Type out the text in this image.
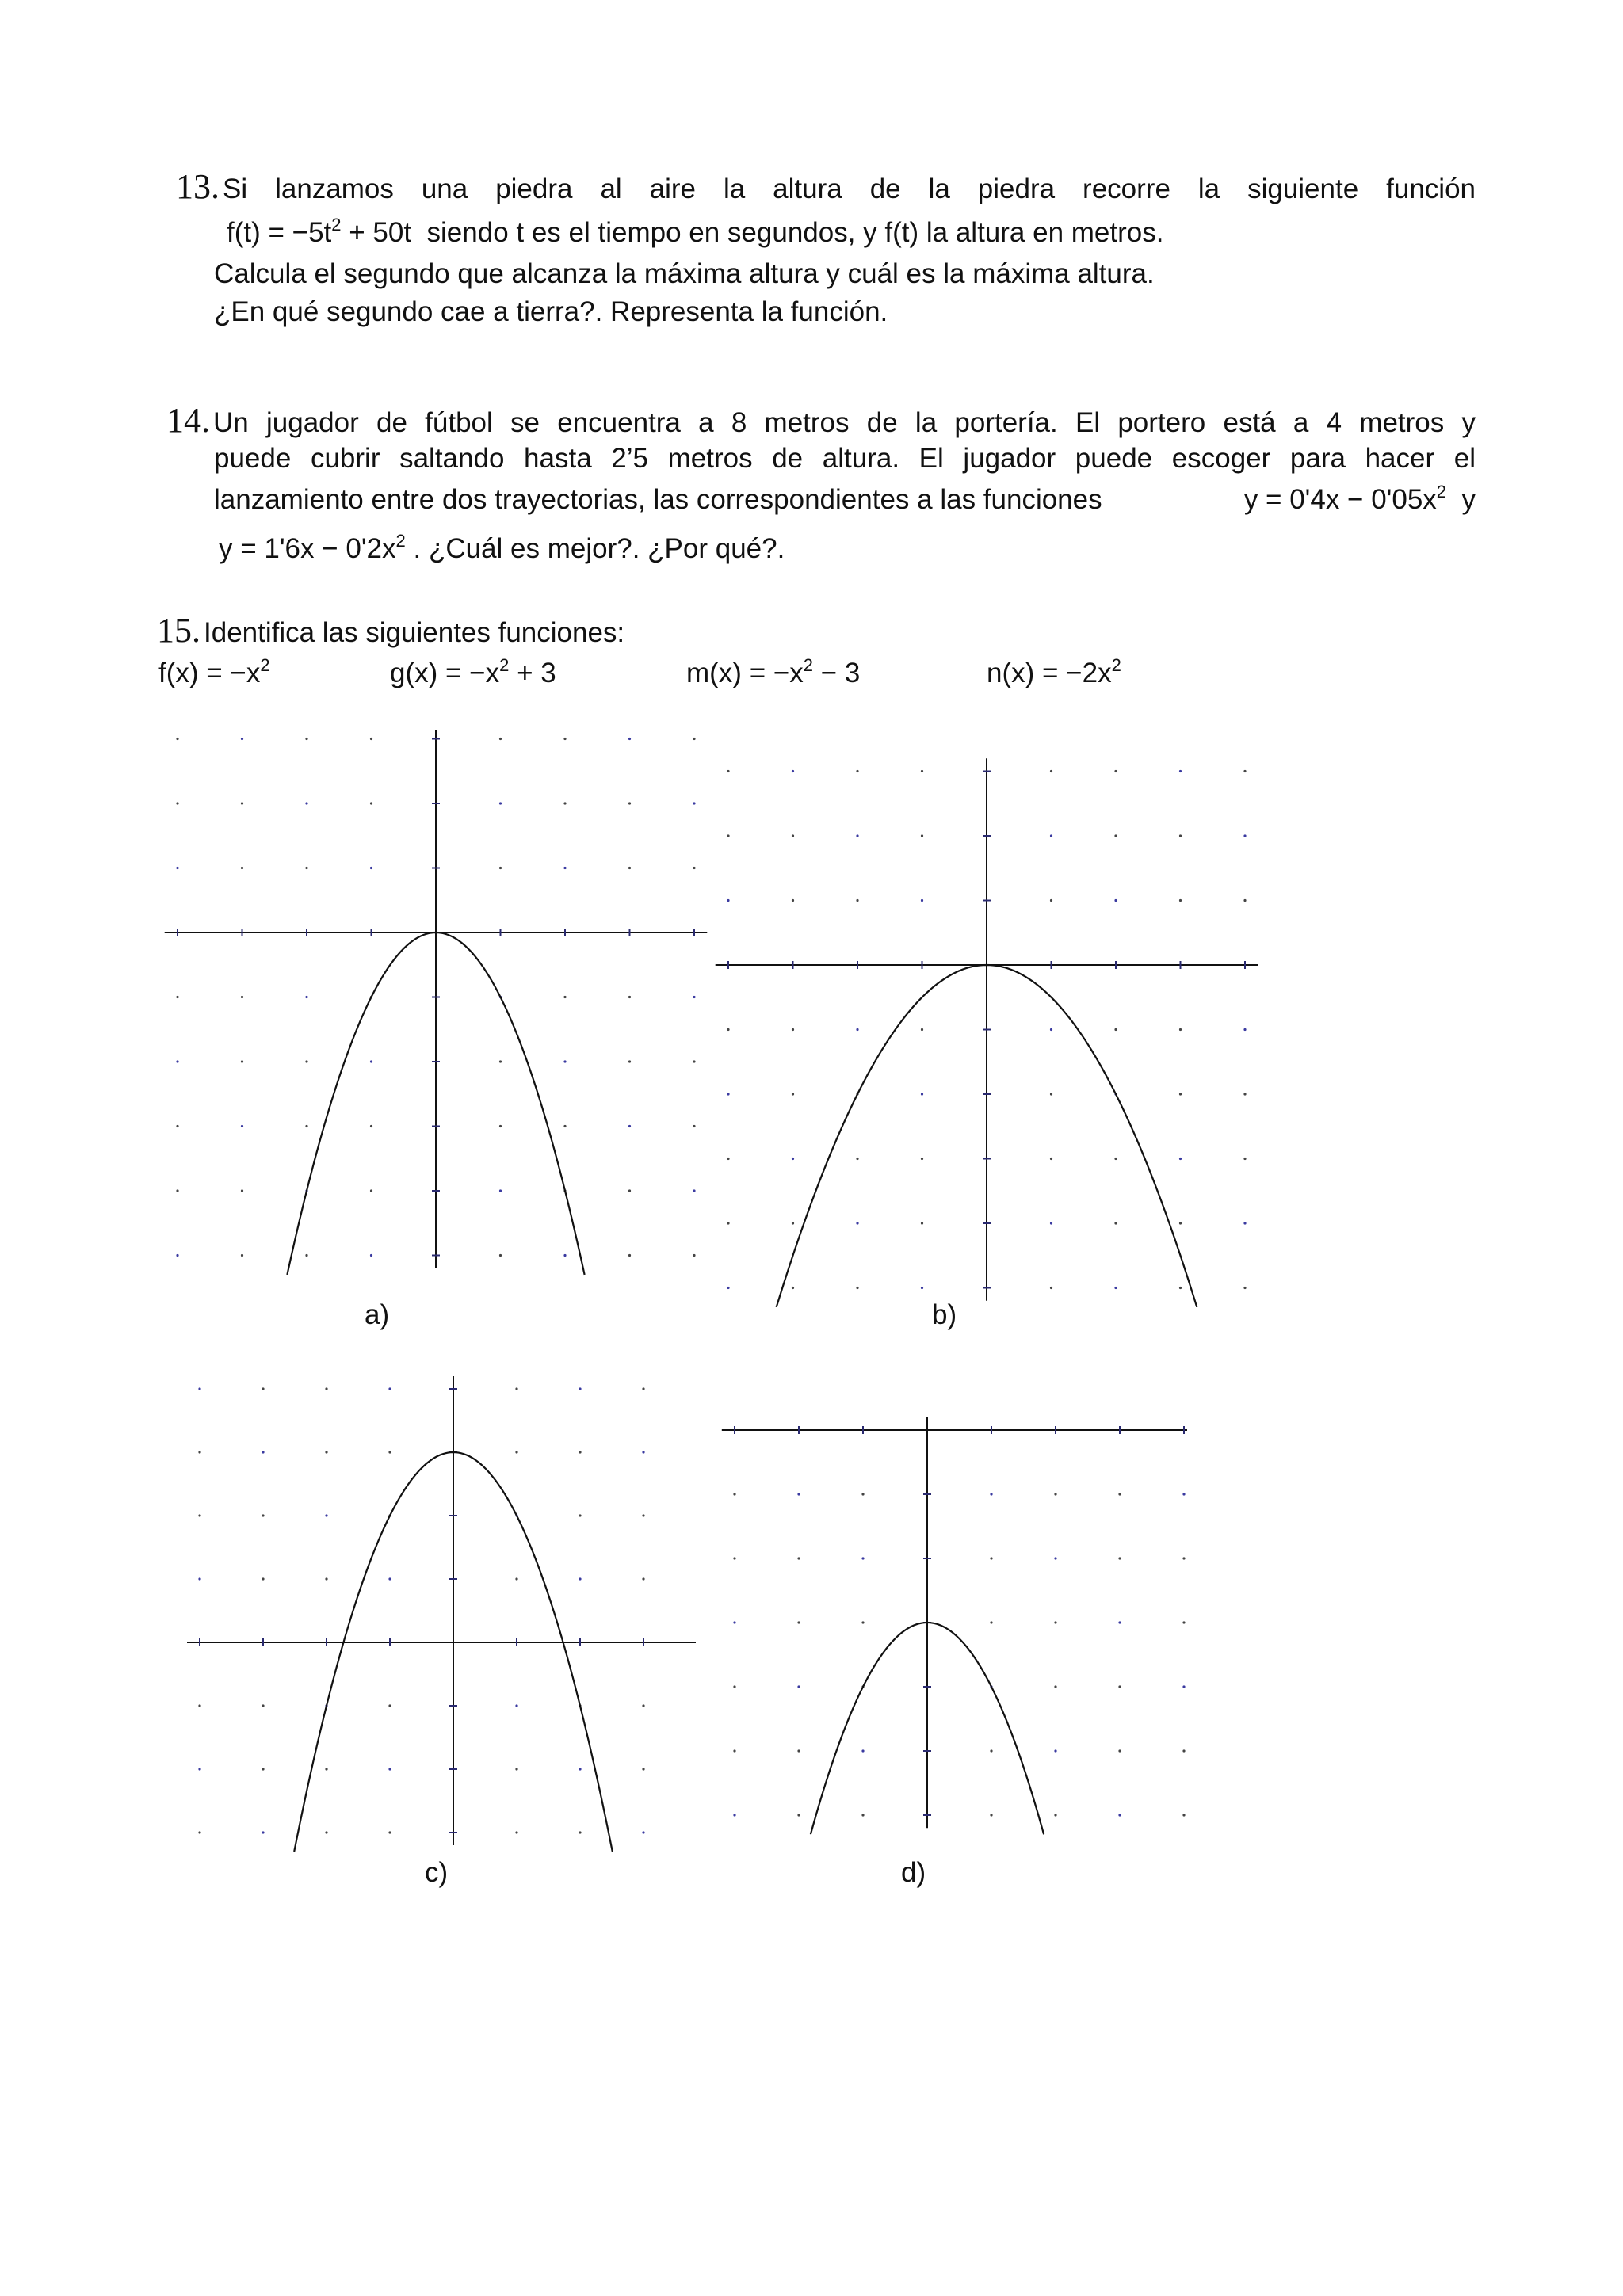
13. Si lanzamos una piedra al aire la altura de la piedra recorre la siguiente función
$f(t) = -5t^2 + 50t$ siendo t es el tiempo en segundos, y f(t) la altura en metros.
Calcula el segundo que alcanza la máxima altura y cuál es la máxima altura.
¿En qué segundo cae a tierra?. Representa la función.
14. Un jugador de fútbol se encuentra a 8 metros de la portería. El portero está a 4 metros y
puede cubrir saltando hasta 2’5 metros de altura. El jugador puede escoger para hacer el
lanzamiento entre dos trayectorias, las correspondientes a las funciones	$y = 0'4x - 0'05x^2$  y
$y = 1'6x - 0'2x^2$ . ¿Cuál es mejor?. ¿Por qué?.
15. Identifica las siguientes funciones:
$f(x) = -x^2$	$g(x) = -x^2 + 3$	$m(x) = -x^2 - 3$	$n(x) = -2x^2$
a)	b)
c)	d)
